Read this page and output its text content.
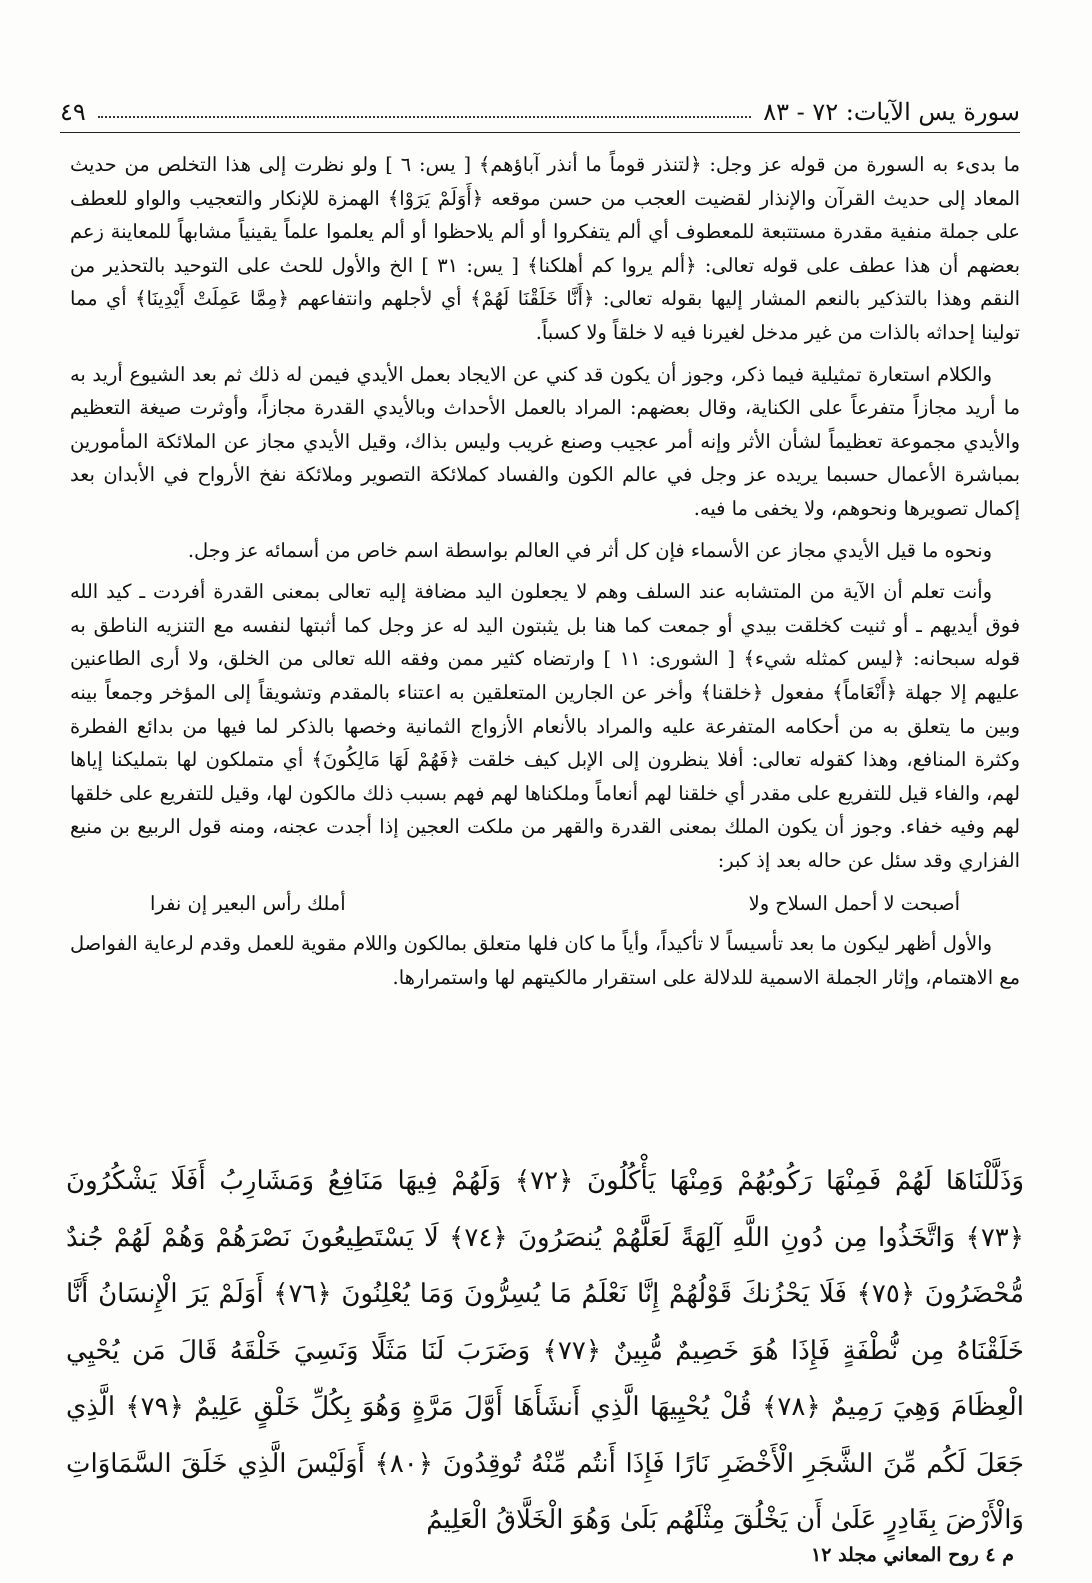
سورة يس الآيات: ٧٢ - ٨٣
٤٩

ما بدىء به السورة من قوله عز وجل: ﴿لتنذر قوماً ما أنذر آباؤهم﴾ [ يس: ٦ ] ولو نظرت إلى هذا التخلص من حديث المعاد إلى حديث القرآن والإنذار لقضيت العجب من حسن موقعه ﴿أَوَلَمْ يَرَوْا﴾ الهمزة للإنكار والتعجيب والواو للعطف على جملة منفية مقدرة مستتبعة للمعطوف أي ألم يتفكروا أو ألم يلاحظوا أو ألم يعلموا علماً يقينياً مشابهاً للمعاينة زعم بعضهم أن هذا عطف على قوله تعالى: ﴿ألم يروا كم أهلكنا﴾ [ يس: ٣١ ] الخ والأول للحث على التوحيد بالتحذير من النقم وهذا بالتذكير بالنعم المشار إليها بقوله تعالى: ﴿أَنَّا خَلَقْنَا لَهُمْ﴾ أي لأجلهم وانتفاعهم ﴿مِمَّا عَمِلَتْ أَيْدِينَا﴾ أي مما تولينا إحداثه بالذات من غير مدخل لغيرنا فيه لا خلقاً ولا كسباً.

والكلام استعارة تمثيلية فيما ذكر، وجوز أن يكون قد كني عن الايجاد بعمل الأيدي فيمن له ذلك ثم بعد الشيوع أريد به ما أريد مجازاً متفرعاً على الكناية، وقال بعضهم: المراد بالعمل الأحداث وبالأيدي القدرة مجازاً، وأوثرت صيغة التعظيم والأيدي مجموعة تعظيماً لشأن الأثر وإنه أمر عجيب وصنع غريب وليس بذاك، وقيل الأيدي مجاز عن الملائكة المأمورين بمباشرة الأعمال حسبما يريده عز وجل في عالم الكون والفساد كملائكة التصوير وملائكة نفخ الأرواح في الأبدان بعد إكمال تصويرها ونحوهم، ولا يخفى ما فيه.

ونحوه ما قيل الأيدي مجاز عن الأسماء فإن كل أثر في العالم بواسطة اسم خاص من أسمائه عز وجل.

وأنت تعلم أن الآية من المتشابه عند السلف وهم لا يجعلون اليد مضافة إليه تعالى بمعنى القدرة أفردت ـ كيد الله فوق أيديهم ـ أو ثنيت كخلقت بيدي أو جمعت كما هنا بل يثبتون اليد له عز وجل كما أثبتها لنفسه مع التنزيه الناطق به قوله سبحانه: ﴿ليس كمثله شيء﴾ [ الشورى: ١١ ] وارتضاه كثير ممن وفقه الله تعالى من الخلق، ولا أرى الطاعنين عليهم إلا جهلة ﴿أَنْعَاماً﴾ مفعول ﴿خلقنا﴾ وأخر عن الجارين المتعلقين به اعتناء بالمقدم وتشويقاً إلى المؤخر وجمعاً بينه وبين ما يتعلق به من أحكامه المتفرعة عليه والمراد بالأنعام الأزواج الثمانية وخصها بالذكر لما فيها من بدائع الفطرة وكثرة المنافع، وهذا كقوله تعالى: أفلا ينظرون إلى الإبل كيف خلقت ﴿فَهُمْ لَهَا مَالِكُونَ﴾ أي متملكون لها بتمليكنا إياها لهم، والفاء قيل للتفريع على مقدر أي خلقنا لهم أنعاماً وملكناها لهم فهم بسبب ذلك مالكون لها، وقيل للتفريع على خلقها لهم وفيه خفاء. وجوز أن يكون الملك بمعنى القدرة والقهر من ملكت العجين إذا أجدت عجنه، ومنه قول الربيع بن منيع الفزاري وقد سئل عن حاله بعد إذ كبر:

أصبحت لا أحمل السلاح ولا
أملك رأس البعير إن نفرا

والأول أظهر ليكون ما بعد تأسيساً لا تأكيداً، وأياً ما كان فلها متعلق بمالكون واللام مقوية للعمل وقدم لرعاية الفواصل مع الاهتمام، وإثار الجملة الاسمية للدلالة على استقرار مالكيتهم لها واستمرارها.

وَذَلَّلْنَاهَا لَهُمْ فَمِنْهَا رَكُوبُهُمْ وَمِنْهَا يَأْكُلُونَ ﴿٧٢﴾ وَلَهُمْ فِيهَا مَنَافِعُ وَمَشَارِبُ أَفَلَا يَشْكُرُونَ ﴿٧٣﴾ وَاتَّخَذُوا مِن دُونِ اللَّهِ آلِهَةً لَعَلَّهُمْ يُنصَرُونَ ﴿٧٤﴾ لَا يَسْتَطِيعُونَ نَصْرَهُمْ وَهُمْ لَهُمْ جُندٌ مُّحْضَرُونَ ﴿٧٥﴾ فَلَا يَحْزُنكَ قَوْلُهُمْ إِنَّا نَعْلَمُ مَا يُسِرُّونَ وَمَا يُعْلِنُونَ ﴿٧٦﴾ أَوَلَمْ يَرَ الْإِنسَانُ أَنَّا خَلَقْنَاهُ مِن نُّطْفَةٍ فَإِذَا هُوَ خَصِيمٌ مُّبِينٌ ﴿٧٧﴾ وَضَرَبَ لَنَا مَثَلًا وَنَسِيَ خَلْقَهُ قَالَ مَن يُحْيِي الْعِظَامَ وَهِيَ رَمِيمٌ ﴿٧٨﴾ قُلْ يُحْيِيهَا الَّذِي أَنشَأَهَا أَوَّلَ مَرَّةٍ وَهُوَ بِكُلِّ خَلْقٍ عَلِيمٌ ﴿٧٩﴾ الَّذِي جَعَلَ لَكُم مِّنَ الشَّجَرِ الْأَخْضَرِ نَارًا فَإِذَا أَنتُم مِّنْهُ تُوقِدُونَ ﴿٨٠﴾ أَوَلَيْسَ الَّذِي خَلَقَ السَّمَاوَاتِ وَالْأَرْضَ بِقَادِرٍ عَلَىٰ أَن يَخْلُقَ مِثْلَهُم بَلَىٰ وَهُوَ الْخَلَّاقُ الْعَلِيمُ

م ٤ روح المعاني مجلد ١٢
